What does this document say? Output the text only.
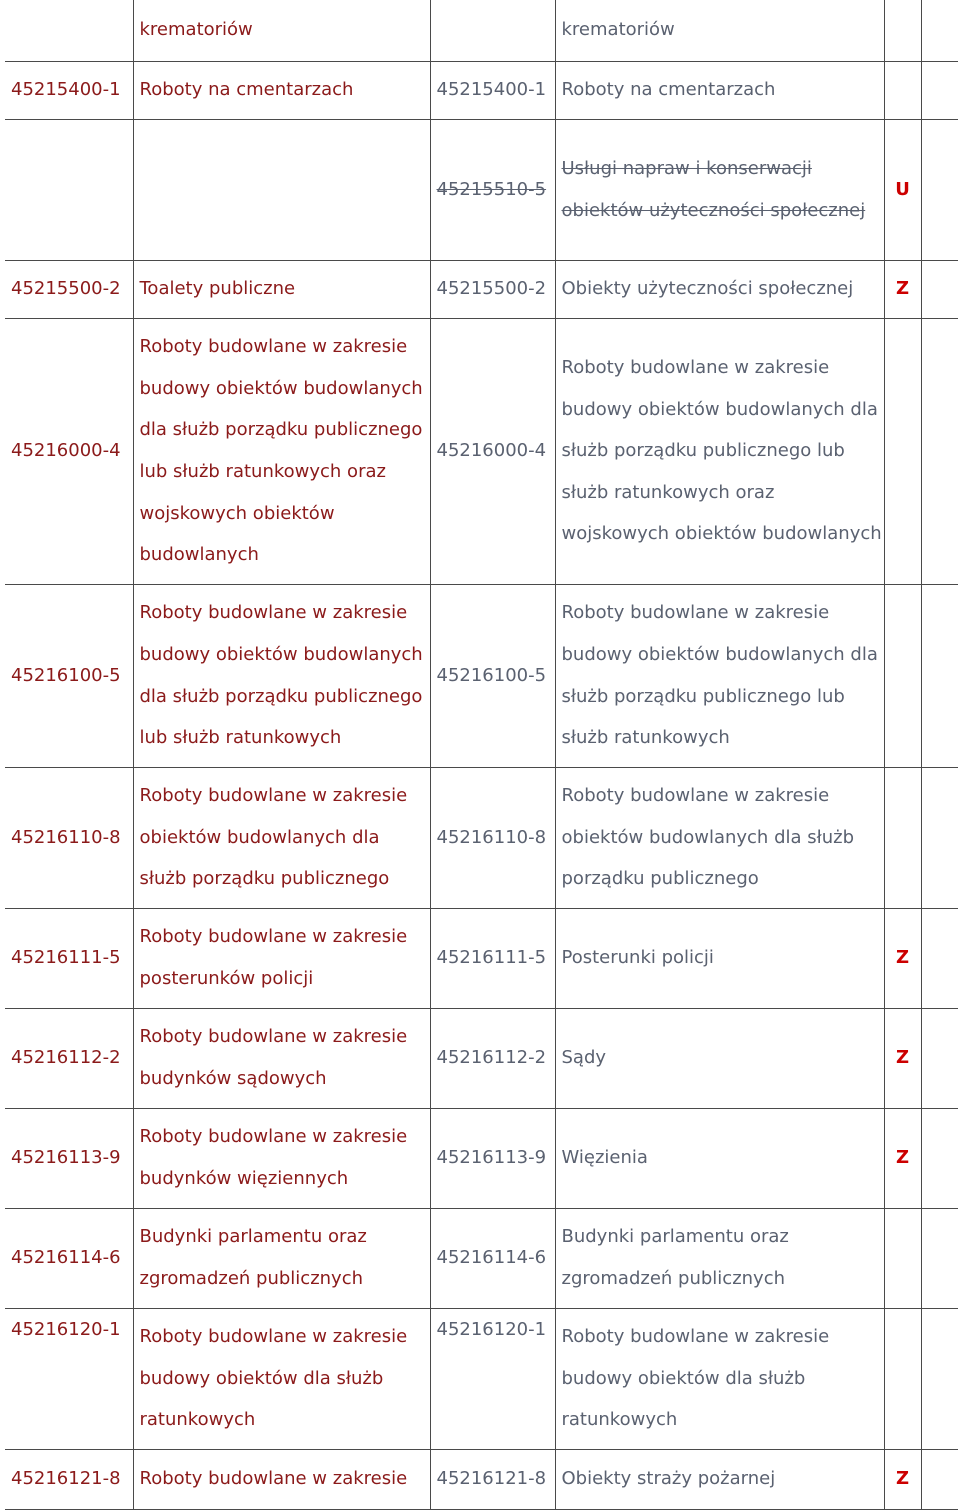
	krematoriów		krematoriów		
45215400-1	Roboty na cmentarzach	45215400-1	Roboty na cmentarzach		
		45215510-5	Usługi napraw i konserwacji obiektów użyteczności społecznej	U	
45215500-2	Toalety publiczne	45215500-2	Obiekty użyteczności społecznej	Z	
45216000-4	Roboty budowlane w zakresie budowy obiektów budowlanych dla służb porządku publicznego lub służb ratunkowych oraz wojskowych obiektów budowlanych	45216000-4	Roboty budowlane w zakresie budowy obiektów budowlanych dla służb porządku publicznego lub służb ratunkowych oraz wojskowych obiektów budowlanych		
45216100-5	Roboty budowlane w zakresie budowy obiektów budowlanych dla służb porządku publicznego lub służb ratunkowych	45216100-5	Roboty budowlane w zakresie budowy obiektów budowlanych dla służb porządku publicznego lub służb ratunkowych		
45216110-8	Roboty budowlane w zakresie obiektów budowlanych dla służb porządku publicznego	45216110-8	Roboty budowlane w zakresie obiektów budowlanych dla służb porządku publicznego		
45216111-5	Roboty budowlane w zakresie posterunków policji	45216111-5	Posterunki policji	Z	
45216112-2	Roboty budowlane w zakresie budynków sądowych	45216112-2	Sądy	Z	
45216113-9	Roboty budowlane w zakresie budynków więziennych	45216113-9	Więzienia	Z	
45216114-6	Budynki parlamentu oraz zgromadzeń publicznych	45216114-6	Budynki parlamentu oraz zgromadzeń publicznych		
45216120-1	Roboty budowlane w zakresie budowy obiektów dla służb ratunkowych	45216120-1	Roboty budowlane w zakresie budowy obiektów dla służb ratunkowych		
45216121-8	Roboty budowlane w zakresie	45216121-8	Obiekty straży pożarnej	Z	
